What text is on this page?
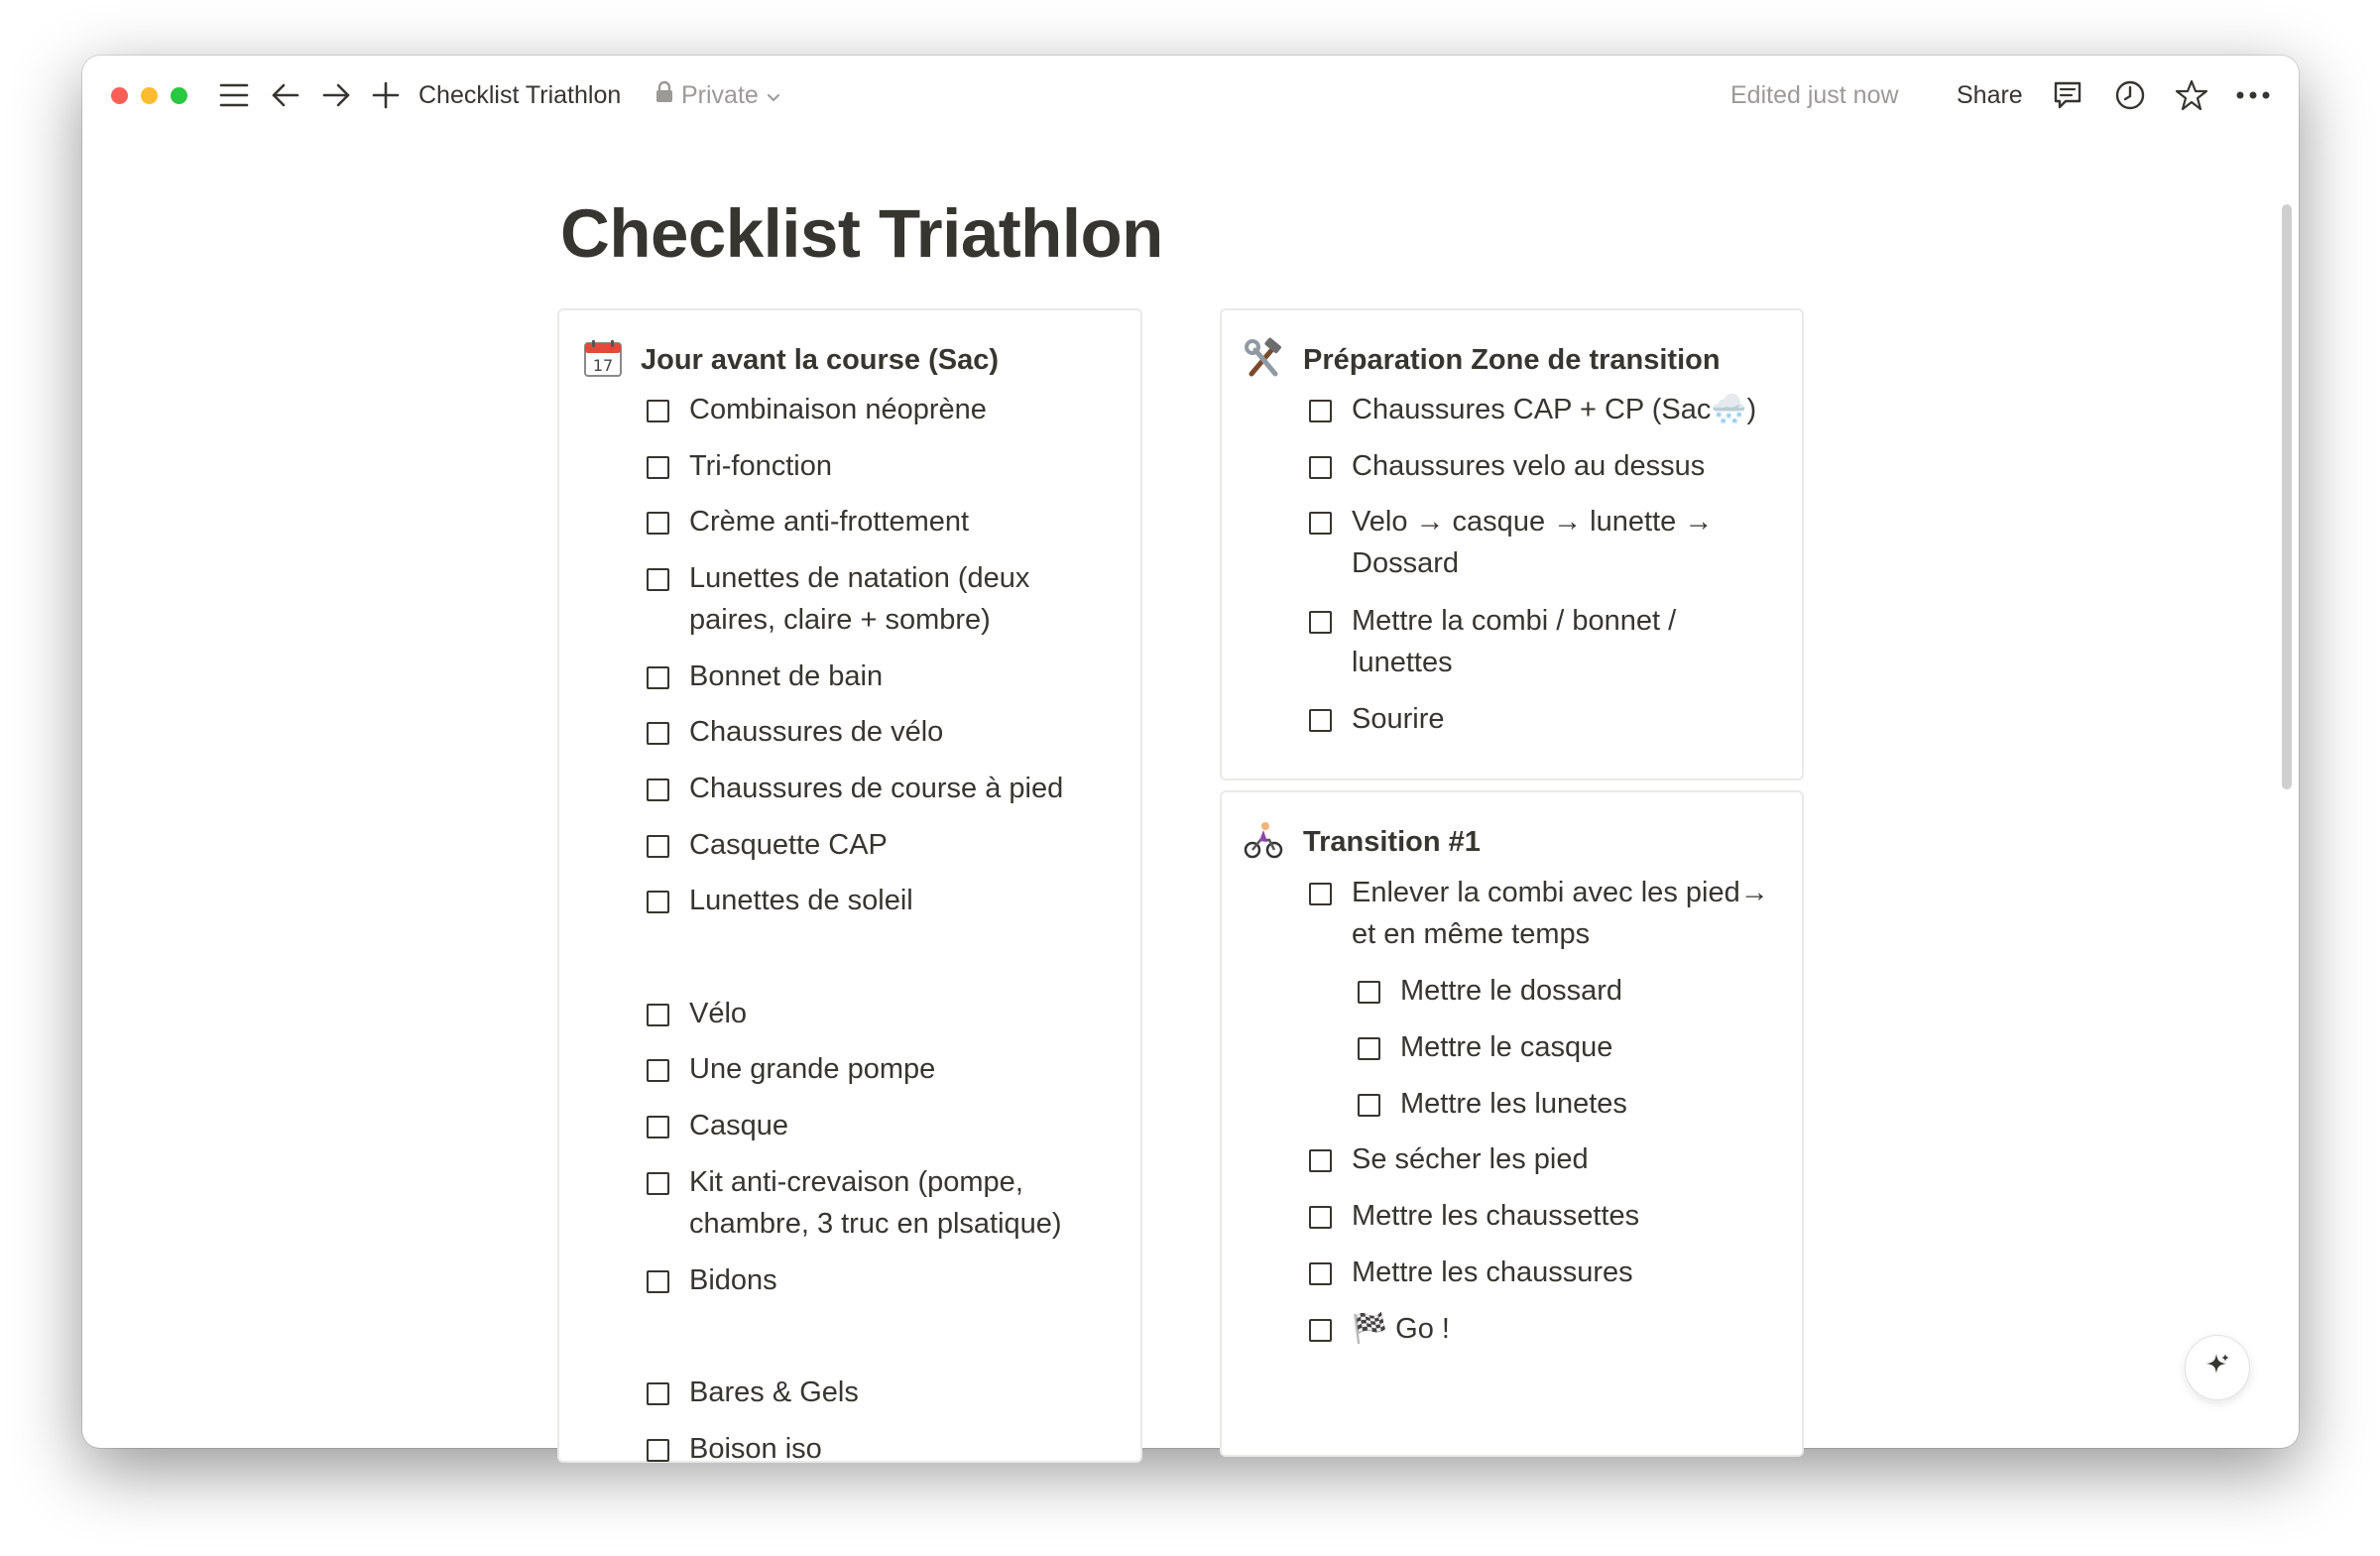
Checklist Triathlon Private	Edited just now Share
Checklist Triathlon
17 Jour avant la course (Sac)
Combinaison néoprène
Tri-fonction
Crème anti-frottement
Lunettes de natation (deux
paires, claire + sombre)
Bonnet de bain
Chaussures de vélo
Chaussures de course à pied
Casquette CAP
Lunettes de soleil
Vélo
Une grande pompe
Casque
Kit anti-crevaison (pompe,
chambre, 3 truc en plsatique)
Bidons
Bares & Gels
Boison iso
Préparation Zone de transition
Chaussures CAP + CP (Sac🌨️)
Chaussures velo au dessus
Velo → casque → lunette →
Dossard
Mettre la combi / bonnet /
lunettes
Sourire
Transition #1
Enlever la combi avec les pied→
et en même temps
Mettre le dossard
Mettre le casque
Mettre les lunetes
Se sécher les pied
Mettre les chaussettes
Mettre les chaussures
🏁 Go !
